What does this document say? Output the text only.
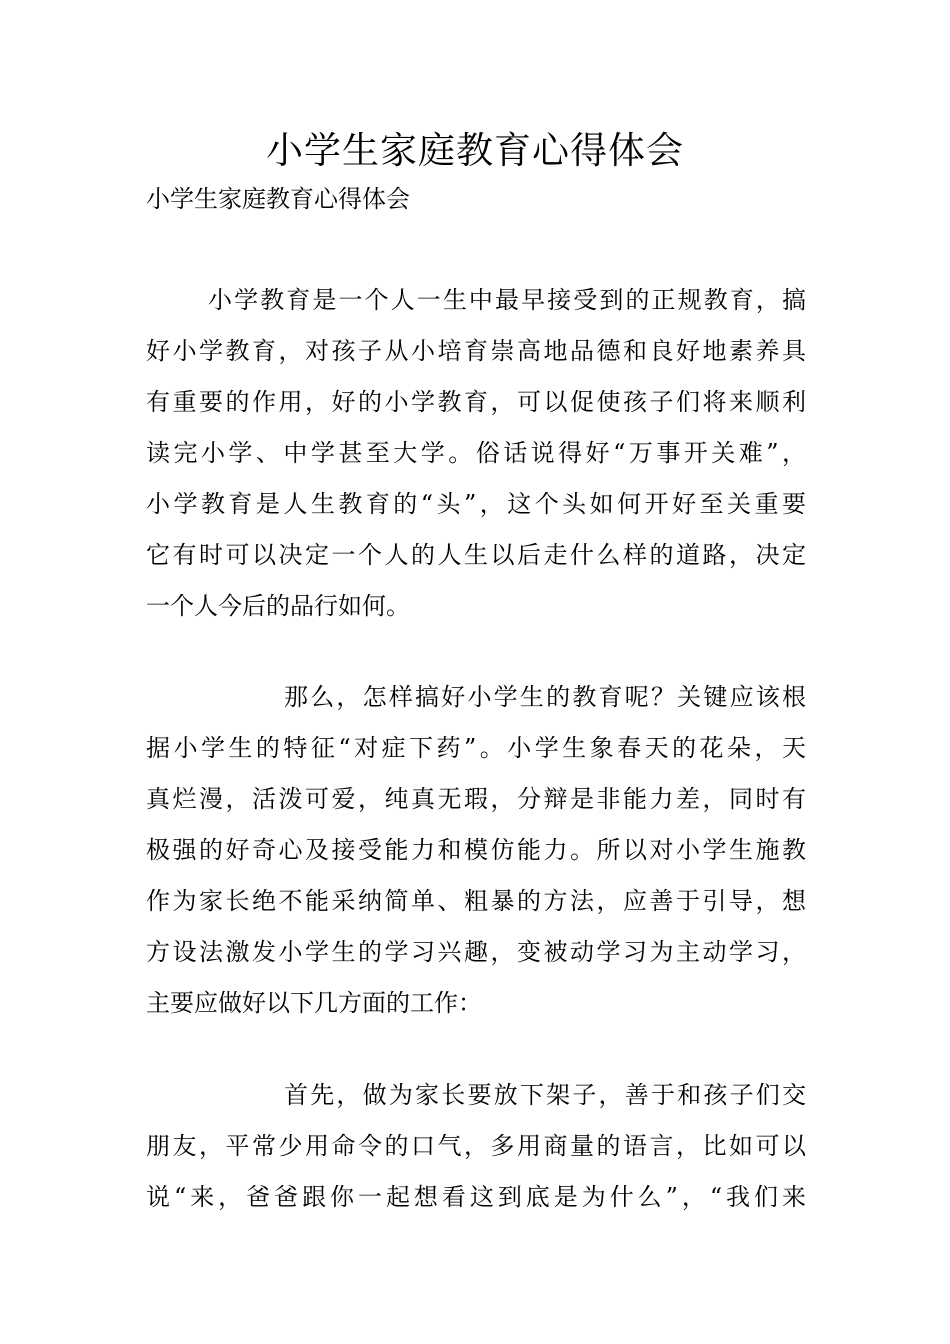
小学生家庭教育心得体会

小学生家庭教育心得体会

小学教育是一个人一生中最早接受到的正规教育，搞
好小学教育，对孩子从小培育崇高地品德和良好地素养具
有重要的作用，好的小学教育，可以促使孩子们将来顺利
读完小学、中学甚至大学。俗话说得好“万事开关难”，
小学教育是人生教育的“头”，这个头如何开好至关重要
它有时可以决定一个人的人生以后走什么样的道路，决定
一个人今后的品行如何。
那么，怎样搞好小学生的教育呢？关键应该根
据小学生的特征“对症下药”。小学生象春天的花朵，天
真烂漫，活泼可爱，纯真无瑕，分辩是非能力差，同时有
极强的好奇心及接受能力和模仿能力。所以对小学生施教
作为家长绝不能采纳简单、粗暴的方法，应善于引导，想
方设法激发小学生的学习兴趣，变被动学习为主动学习，
主要应做好以下几方面的工作：
首先，做为家长要放下架子，善于和孩子们交
朋友，平常少用命令的口气，多用商量的语言，比如可以
说“来，爸爸跟你一起想看这到底是为什么”，“我们来
